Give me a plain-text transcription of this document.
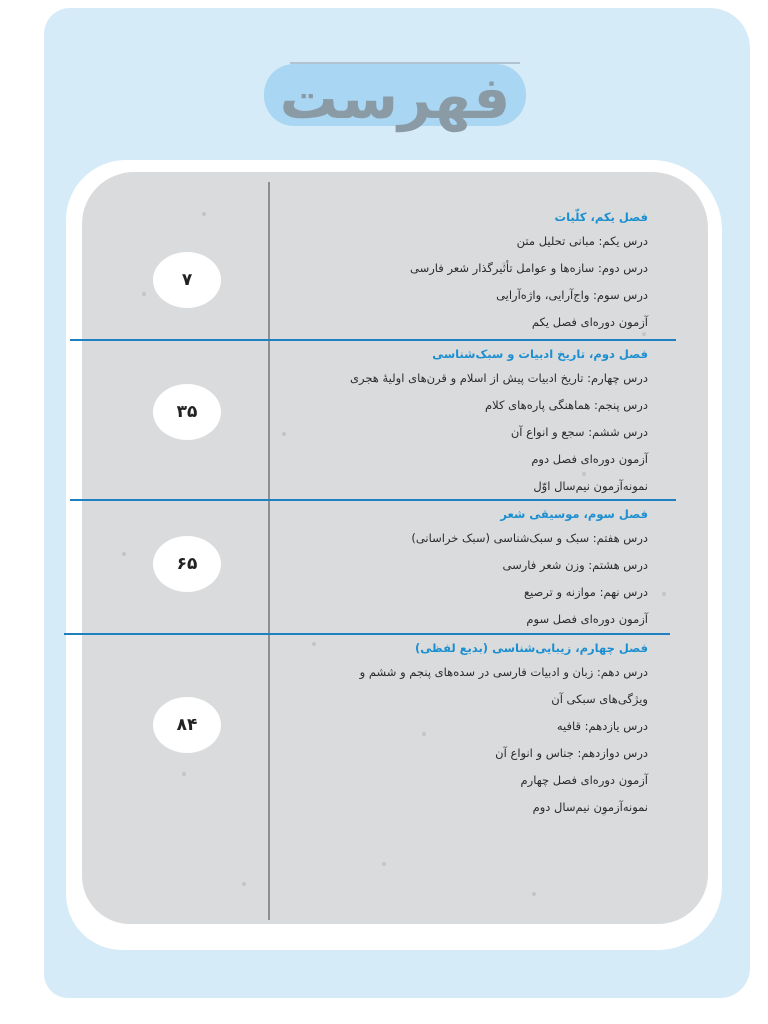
فهرست
۷
فصل یکم، کلّیات
درس یکم: مبانی تحلیل متن
درس دوم: سازه‌ها و عوامل تأثیرگذار شعر فارسی
درس سوم: واج‌آرایی، واژه‌آرایی
آزمون دوره‌ای فصل یکم
۳۵
فصل دوم، تاریخ ادبیات و سبک‌شناسی
درس چهارم: تاریخ ادبیات پیش از اسلام و قرن‌های اولیهٔ هجری
درس پنجم: هماهنگی پاره‌های کلام
درس ششم: سجع و انواع آن
آزمون دوره‌ای فصل دوم
نمونه‌آزمون نیم‌سال اوّل
۶۵
فصل سوم، موسیقی شعر
درس هفتم: سبک و سبک‌شناسی (سبک خراسانی)
درس هشتم: وزن شعر فارسی
درس نهم: موازنه و ترصیع
آزمون دوره‌ای فصل سوم
۸۴
فصل چهارم، زیبایی‌شناسی (بدیع لفظی)
درس دهم: زبان و ادبیات فارسی در سده‌های پنجم و ششم و
ویژگی‌های سبکی آن
درس یازدهم: قافیه
درس دوازدهم: جناس و انواع آن
آزمون دوره‌ای فصل چهارم
نمونه‌آزمون نیم‌سال دوم
